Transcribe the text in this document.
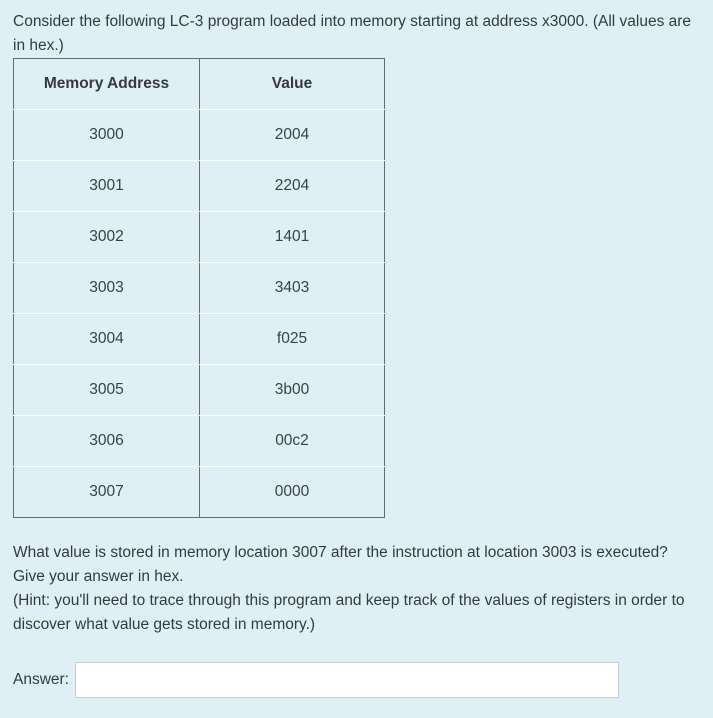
Consider the following LC-3 program loaded into memory starting at address x3000. (All values are in hex.)
Memory Address	Value
3000	2004
3001	2204
3002	1401
3003	3403
3004	f025
3005	3b00
3006	00c2
3007	0000

What value is stored in memory location 3007 after the instruction at location 3003 is executed? Give your answer in hex.

(Hint: you'll need to trace through this program and keep track of the values of registers in order to discover what value gets stored in memory.)

Answer:
